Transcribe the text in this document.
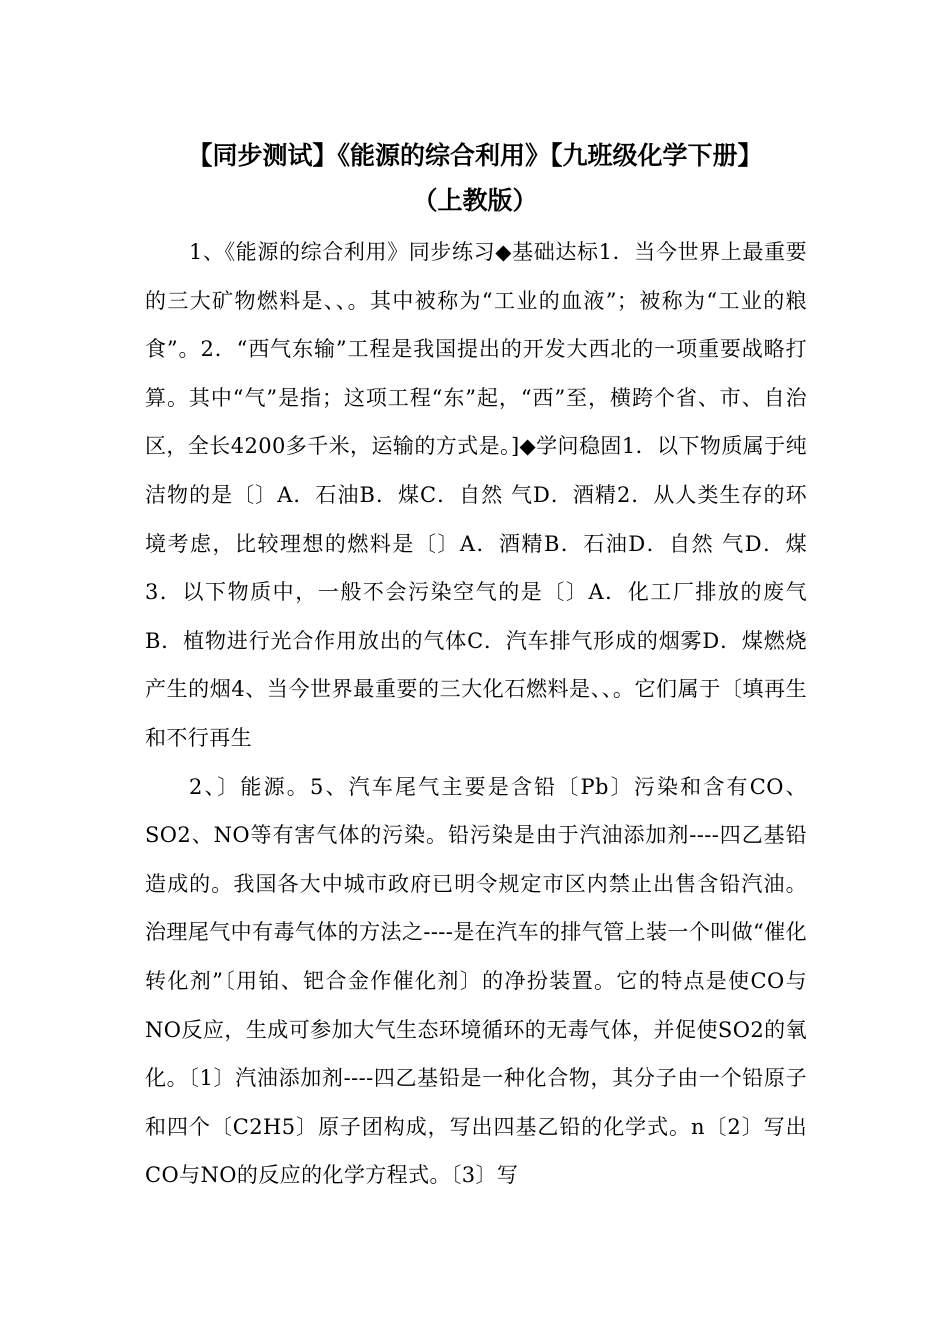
【同步测试】《能源的综合利用》【九班级化学下册】
（上教版）

1、《能源的综合利用》同步练习◆基础达标1．当今世界上最重要的三大矿物燃料是、、。其中被称为“工业的血液”；被称为“工业的粮食”。2．“西气东输”工程是我国提出的开发大西北的一项重要战略打算。其中“气”是指；这项工程“东”起，“西”至，横跨个省、市、自治区，全长4200多千米，运输的方式是。]◆学问稳固1．以下物质属于纯洁物的是〔〕A．石油B．煤C．自然 气D．酒精2．从人类生存的环境考虑，比较理想的燃料是〔〕A．酒精B．石油D．自然 气D．煤3．以下物质中，一般不会污染空气的是〔〕A．化工厂排放的废气B．植物进行光合作用放出的气体C．汽车排气形成的烟雾D．煤燃烧产生的烟4、当今世界最重要的三大化石燃料是、、。它们属于〔填再生和不行再生

2、〕能源。5、汽车尾气主要是含铅〔Pb〕污染和含有CO、SO2、NO等有害气体的污染。铅污染是由于汽油添加剂----四乙基铅造成的。我国各大中城市政府已明令规定市区内禁止出售含铅汽油。治理尾气中有毒气体的方法之----是在汽车的排气管上装一个叫做“催化转化剂”〔用铂、钯合金作催化剂〕的净扮装置。它的特点是使CO与NO反应，生成可参加大气生态环境循环的无毒气体，并促使SO2的氧化。〔1〕汽油添加剂----四乙基铅是一种化合物，其分子由一个铅原子和四个〔C2H5〕原子团构成，写出四基乙铅的化学式。n〔2〕写出CO与NO的反应的化学方程式。〔3〕写
